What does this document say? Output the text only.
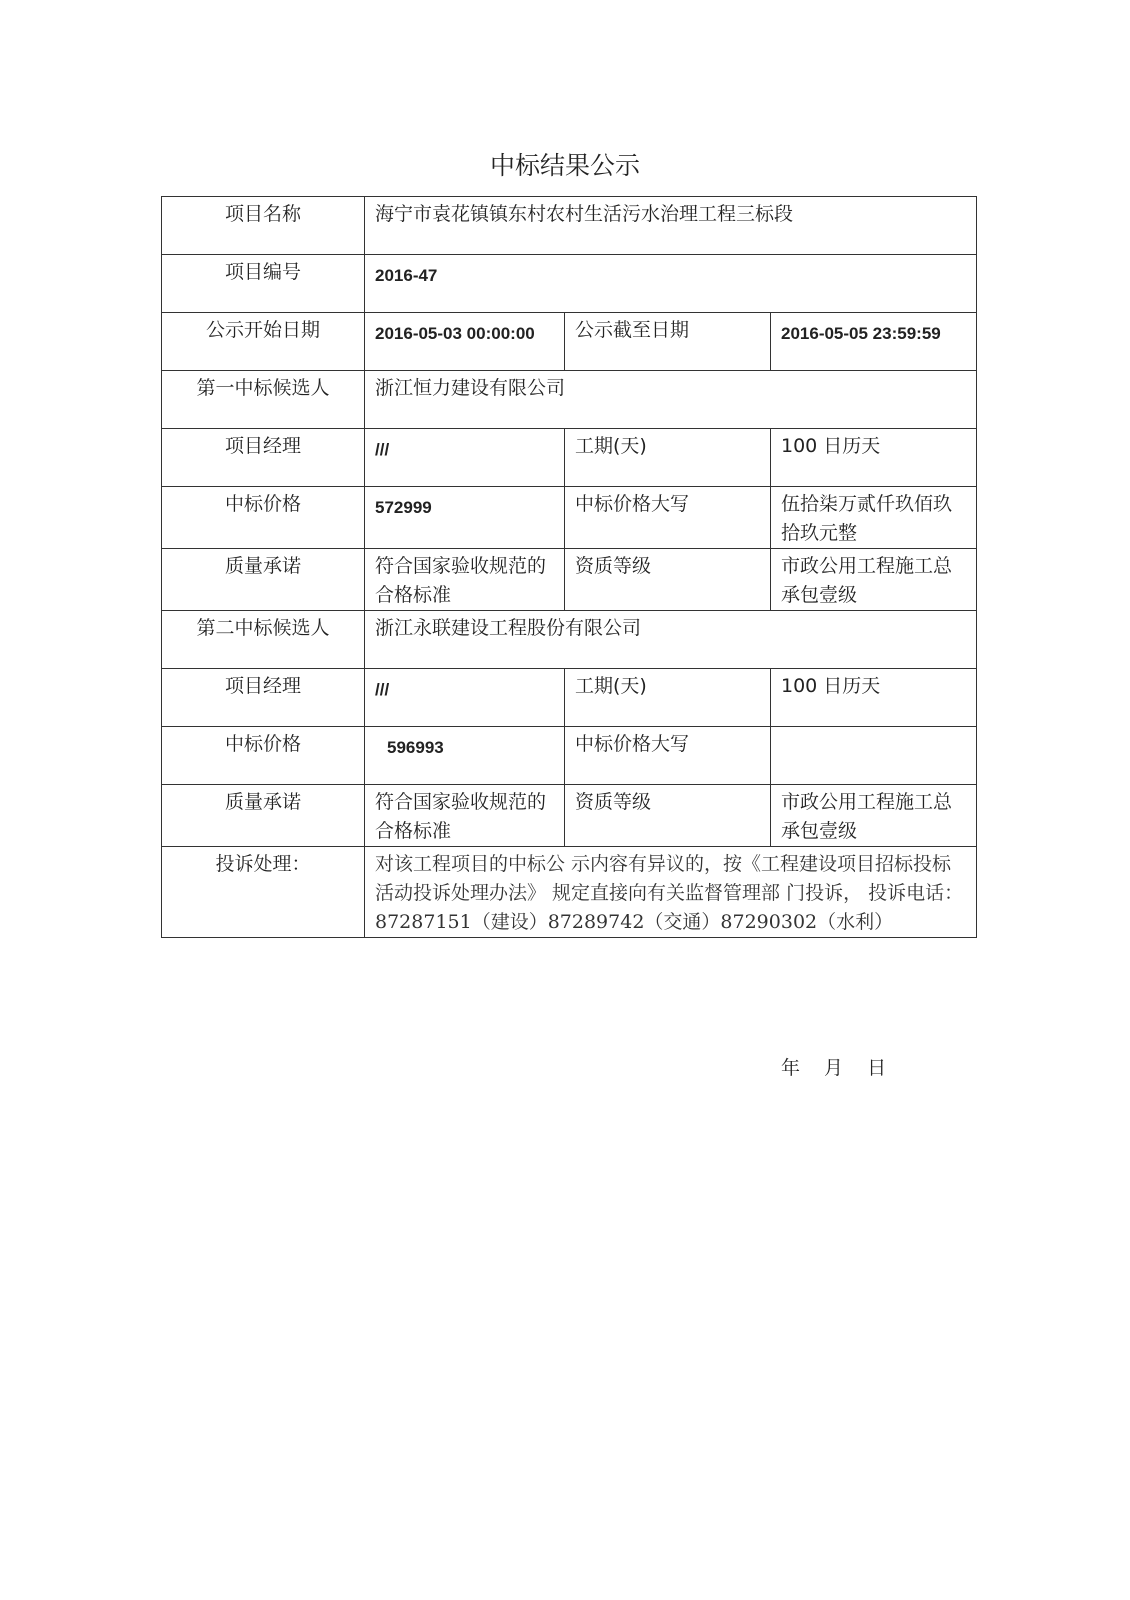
中标结果公示
项目名称	海宁市袁花镇镇东村农村生活污水治理工程三标段		
项目编号	2016-47		
公示开始日期	2016-05-03 00:00:00	公示截至日期	2016-05-05 23:59:59
第一中标候选人	浙江恒力建设有限公司		
项目经理	///	工期(天)	100 日历天
中标价格	572999	中标价格大写	伍拾柒万贰仟玖佰玖拾玖元整
质量承诺	符合国家验收规范的合格标准	资质等级	市政公用工程施工总承包壹级
第二中标候选人	浙江永联建设工程股份有限公司		
项目经理	///	工期(天)	100 日历天
中标价格	596993	中标价格大写	
质量承诺	符合国家验收规范的合格标准	资质等级	市政公用工程施工总承包壹级
投诉处理：	对该工程项目的中标公 示内容有异议的，按《工程建设项目招标投标活动投诉处理办法》 规定直接向有关监督管理部 门投诉， 投诉电话：87287151（建设）87289742（交通）87290302（水利）		
年 月 日
